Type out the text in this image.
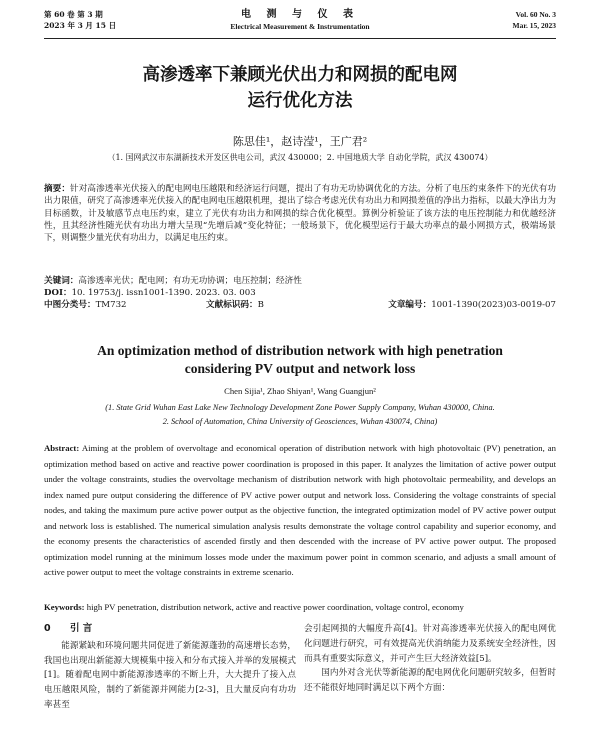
第 60 卷 第 3 期
2023 年 3 月 15 日
电 测 与 仪 表
Electrical Measurement & Instrumentation
Vol. 60 No. 3
Mar. 15, 2023
高渗透率下兼顾光伏出力和网损的配电网
运行优化方法
陈思佳¹，赵诗滢¹，王广君²
（1. 国网武汉市东湖新技术开发区供电公司，武汉 430000；2. 中国地质大学 自动化学院，武汉 430074）
摘要：针对高渗透率光伏接入的配电网电压越限和经济运行问题，提出了有功无功协调优化的方法。分析了电压约束条件下的光伏有功出力限值，研究了高渗透率光伏接入的配电网电压越限机理，提出了综合考虑光伏有功出力和网损差值的净出力指标，以最大净出力为目标函数，计及敏感节点电压约束，建立了光伏有功出力和网损的综合优化模型。算例分析验证了该方法的电压控制能力和优越经济性，且其经济性随光伏有功出力增大呈现“先增后减”变化特征；一般场景下，优化模型运行于最大功率点的最小网损方式，极端场景下，则调整少量光伏有功出力，以满足电压约束。
关键词：高渗透率光伏；配电网；有功无功协调；电压控制；经济性
DOI：10. 19753/j. issn1001-1390. 2023. 03. 003
中图分类号：TM732	文献标识码：B	文章编号：1001-1390(2023)03-0019-07
An optimization method of distribution network with high penetration
considering PV output and network loss
Chen Sijia¹, Zhao Shiyan¹, Wang Guangjun²
(1. State Grid Wuhan East Lake New Technology Development Zone Power Supply Company, Wuhan 430000, China.
2. School of Automation, China University of Geosciences, Wuhan 430074, China)
Abstract: Aiming at the problem of overvoltage and economical operation of distribution network with high photovoltaic (PV) penetration, an optimization method based on active and reactive power coordination is proposed in this paper. It analyzes the limitation of active power output under the voltage constraints, studies the overvoltage mechanism of distribution network with high photovoltaic permeability, and develops an index named pure output considering the difference of PV active power output and network loss. Considering the voltage constraints of special nodes, and taking the maximum pure active power output as the objective function, the integrated optimization model of PV active power output and network loss is established. The numerical simulation analysis results demonstrate the voltage control capability and superior economy, and the economy presents the characteristics of ascended firstly and then descended with the increase of PV active power output. The proposed optimization model running at the minimum losses mode under the maximum power point in common scenario, and adjusts a small amount of active power output to meet the voltage constraints in extreme scenario.
Keywords: high PV penetration, distribution network, active and reactive power coordination, voltage control, economy
0 引 言
能源紧缺和环境问题共同促进了新能源蓬勃的高速增长态势，我国也出现出新能源大规模集中接入和分布式接入并举的发展模式[1]。随着配电网中新能源渗透率的不断上升，大大提升了接入点电压越限风险，制约了新能源并网能力[2-3]，且大量反向有功功率甚至
会引起网损的大幅度升高[4]。针对高渗透率光伏接入的配电网优化问题进行研究，可有效提高光伏消纳能力及系统安全经济性，因而具有重要实际意义，并可产生巨大经济效益[5]。
国内外对含光伏等新能源的配电网优化问题研究较多，但暂时还不能很好地同时满足以下两个方面：
